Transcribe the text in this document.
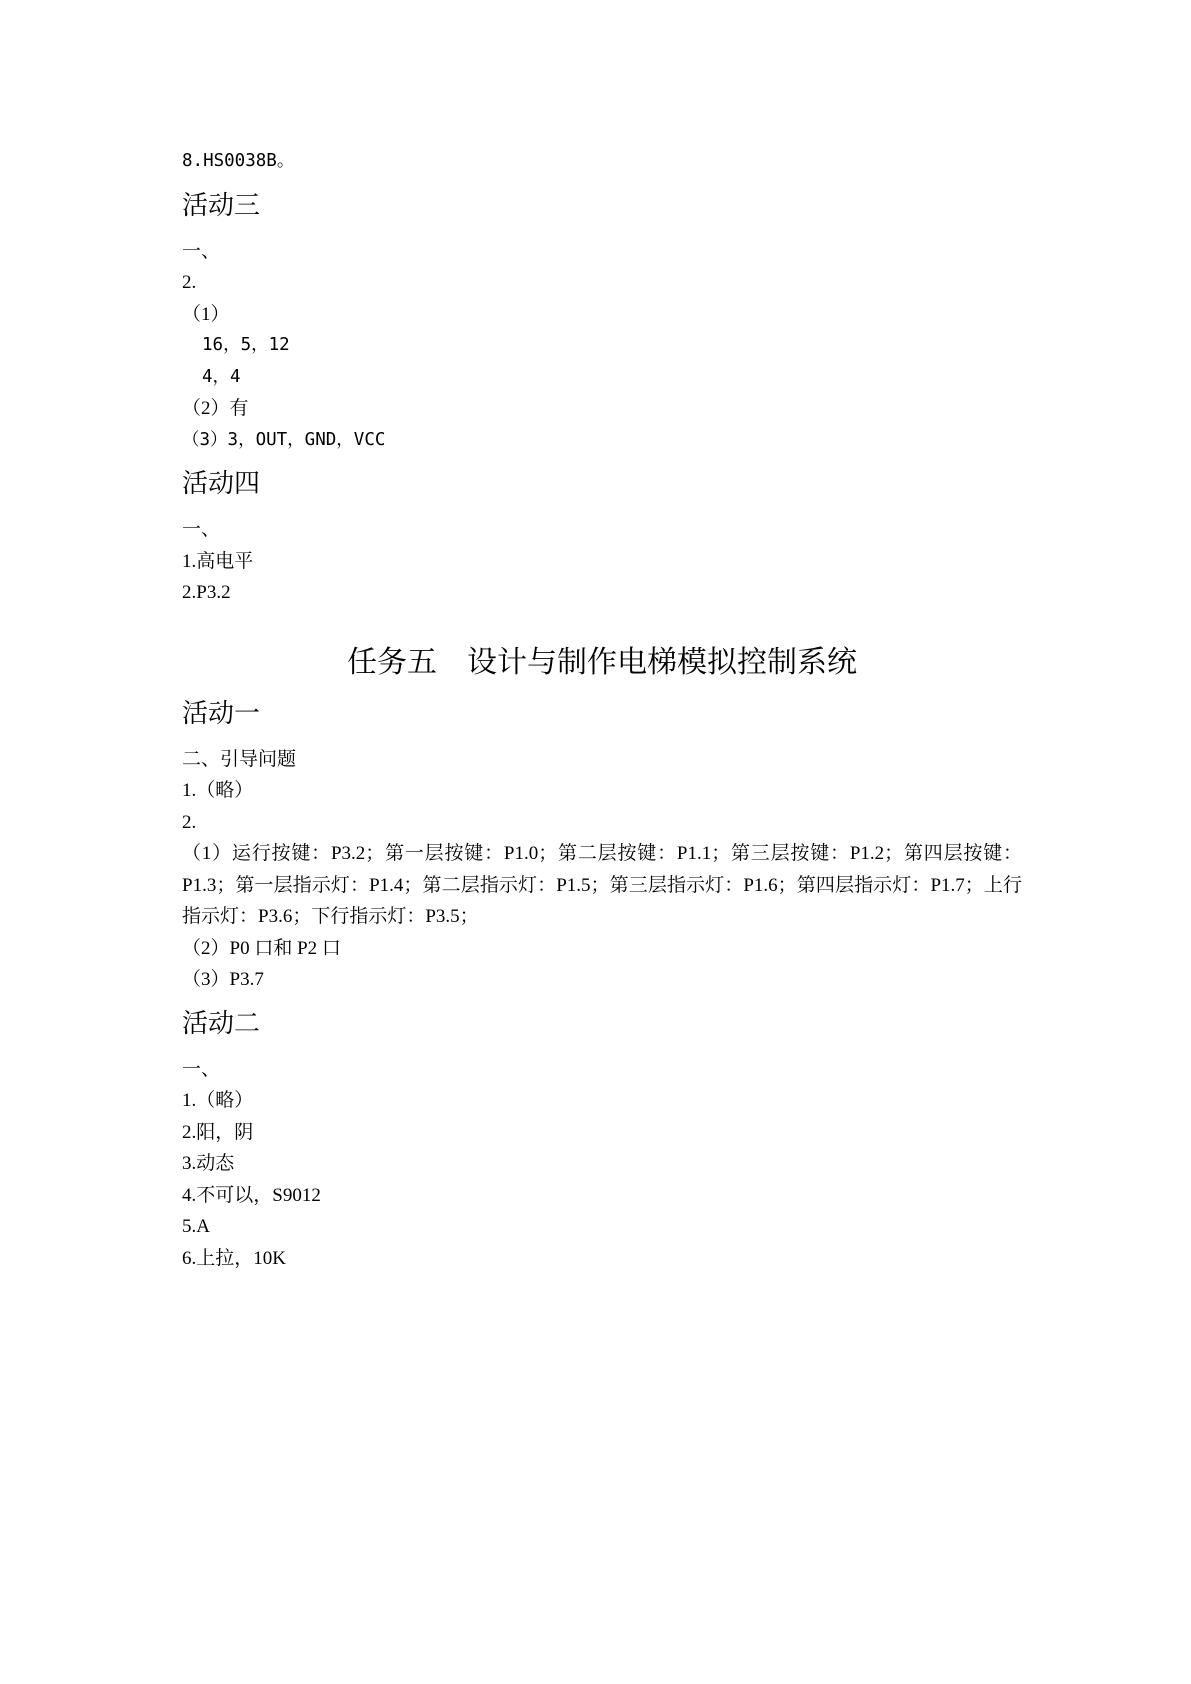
8.HS0038B。
活动三
一、
2.
（1）
16，5，12
4，4
（2）有
（3）3，OUT，GND，VCC
活动四
一、
1.高电平
2.P3.2
任务五　设计与制作电梯模拟控制系统
活动一
二、引导问题
1.（略）
2.
（1）运行按键：P3.2；第一层按键：P1.0；第二层按键：P1.1；第三层按键：P1.2；第四层按键：P1.3；第一层指示灯：P1.4；第二层指示灯：P1.5；第三层指示灯：P1.6；第四层指示灯：P1.7；上行指示灯：P3.6；下行指示灯：P3.5；
（2）P0 口和 P2 口
（3）P3.7
活动二
一、
1.（略）
2.阳，阴
3.动态
4.不可以，S9012
5.A
6.上拉，10K
